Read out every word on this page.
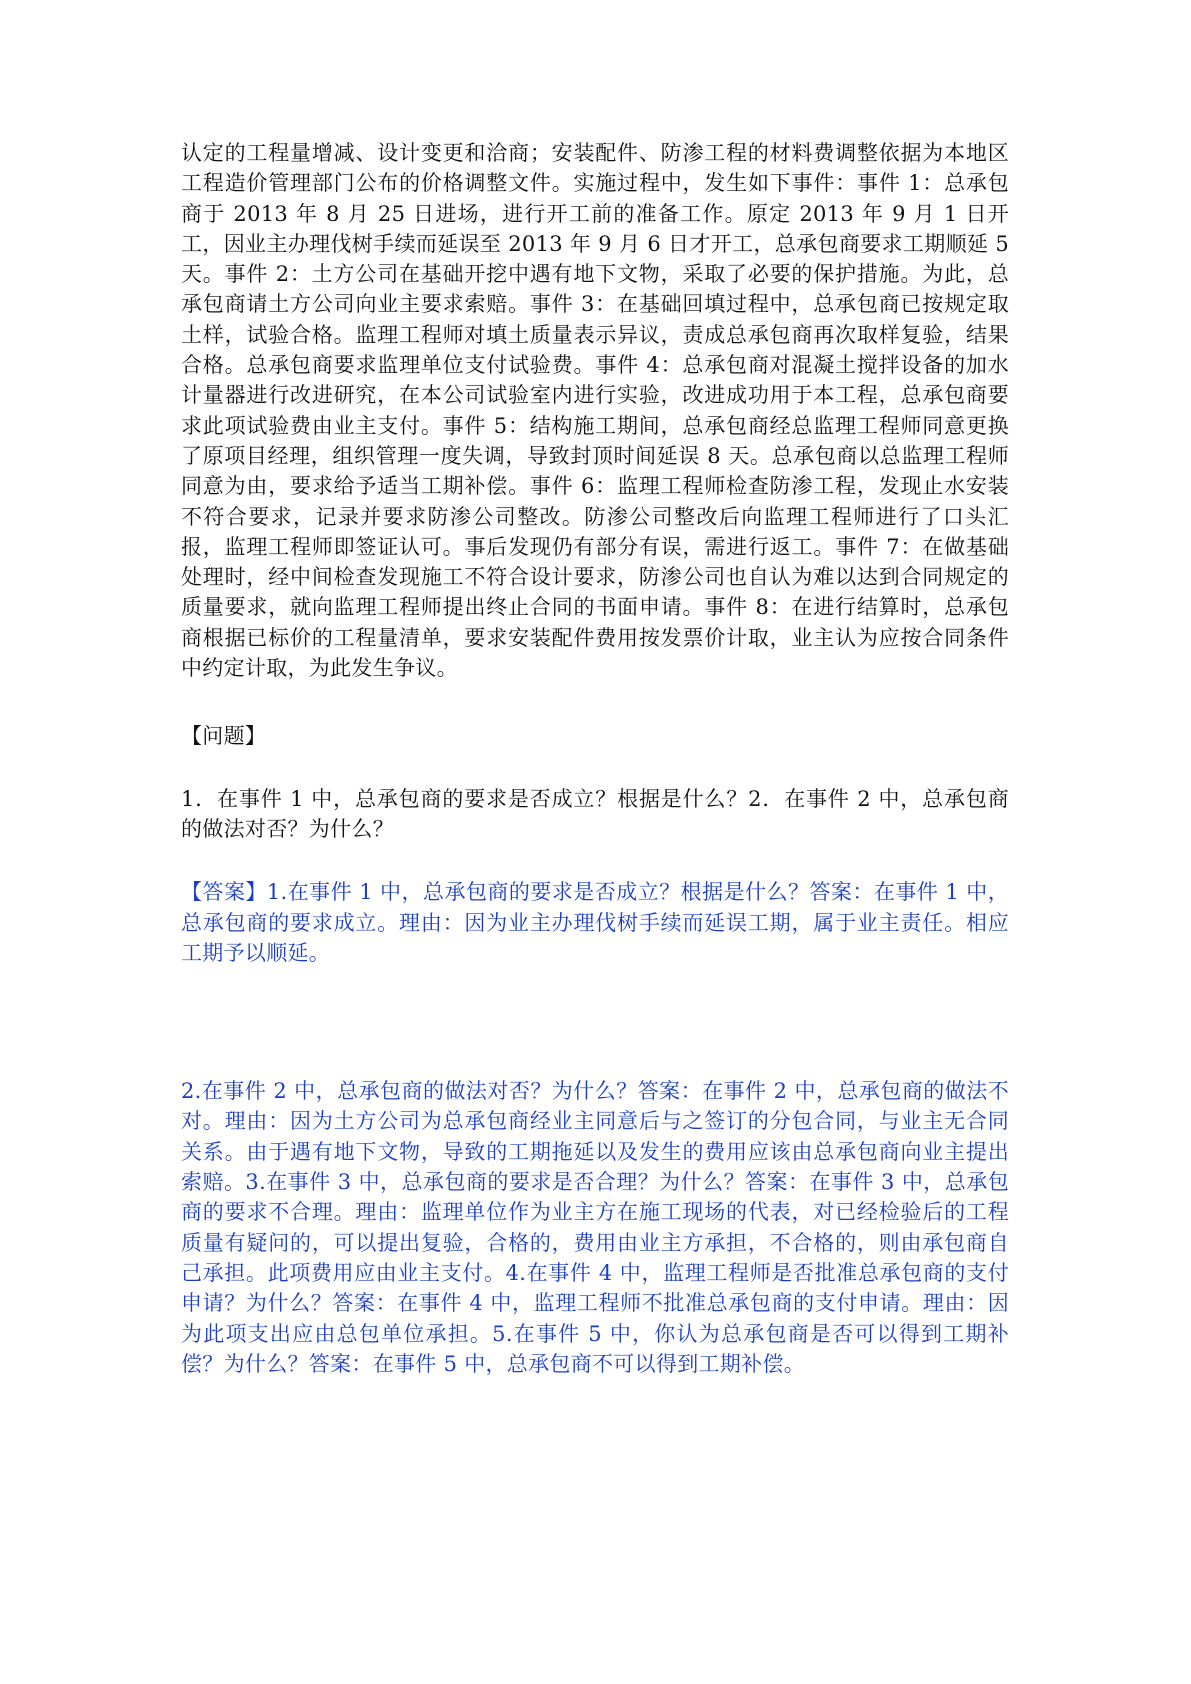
认定的工程量增减、设计变更和洽商；安装配件、防渗工程的材料费调整依据为本地区工程造价管理部门公布的价格调整文件。实施过程中，发生如下事件：事件 1：总承包商于 2013 年 8 月 25 日进场，进行开工前的准备工作。原定 2013 年 9 月 1 日开工，因业主办理伐树手续而延误至 2013 年 9 月 6 日才开工，总承包商要求工期顺延 5 天。事件 2：土方公司在基础开挖中遇有地下文物，采取了必要的保护措施。为此，总承包商请土方公司向业主要求索赔。事件 3：在基础回填过程中，总承包商已按规定取土样，试验合格。监理工程师对填土质量表示异议，责成总承包商再次取样复验，结果合格。总承包商要求监理单位支付试验费。事件 4：总承包商对混凝土搅拌设备的加水计量器进行改进研究，在本公司试验室内进行实验，改进成功用于本工程，总承包商要求此项试验费由业主支付。事件 5：结构施工期间，总承包商经总监理工程师同意更换了原项目经理，组织管理一度失调，导致封顶时间延误 8 天。总承包商以总监理工程师同意为由，要求给予适当工期补偿。事件 6：监理工程师检查防渗工程，发现止水安装不符合要求，记录并要求防渗公司整改。防渗公司整改后向监理工程师进行了口头汇报，监理工程师即签证认可。事后发现仍有部分有误，需进行返工。事件 7：在做基础处理时，经中间检查发现施工不符合设计要求，防渗公司也自认为难以达到合同规定的质量要求，就向监理工程师提出终止合同的书面申请。事件 8：在进行结算时，总承包商根据已标价的工程量清单，要求安装配件费用按发票价计取，业主认为应按合同条件中约定计取，为此发生争议。

【问题】

1．在事件 1 中，总承包商的要求是否成立？根据是什么？2．在事件 2 中，总承包商的做法对否？为什么？

【答案】1.在事件 1 中，总承包商的要求是否成立？根据是什么？答案：在事件 1 中，总承包商的要求成立。理由：因为业主办理伐树手续而延误工期，属于业主责任。相应工期予以顺延。

2.在事件 2 中，总承包商的做法对否？为什么？答案：在事件 2 中，总承包商的做法不对。理由：因为土方公司为总承包商经业主同意后与之签订的分包合同，与业主无合同关系。由于遇有地下文物，导致的工期拖延以及发生的费用应该由总承包商向业主提出索赔。3.在事件 3 中，总承包商的要求是否合理？为什么？答案：在事件 3 中，总承包商的要求不合理。理由：监理单位作为业主方在施工现场的代表，对已经检验后的工程质量有疑问的，可以提出复验，合格的，费用由业主方承担，不合格的，则由承包商自己承担。此项费用应由业主支付。4.在事件 4 中，监理工程师是否批准总承包商的支付申请？为什么？答案：在事件 4 中，监理工程师不批准总承包商的支付申请。理由：因为此项支出应由总包单位承担。5.在事件 5 中，你认为总承包商是否可以得到工期补偿？为什么？答案：在事件 5 中，总承包商不可以得到工期补偿。
